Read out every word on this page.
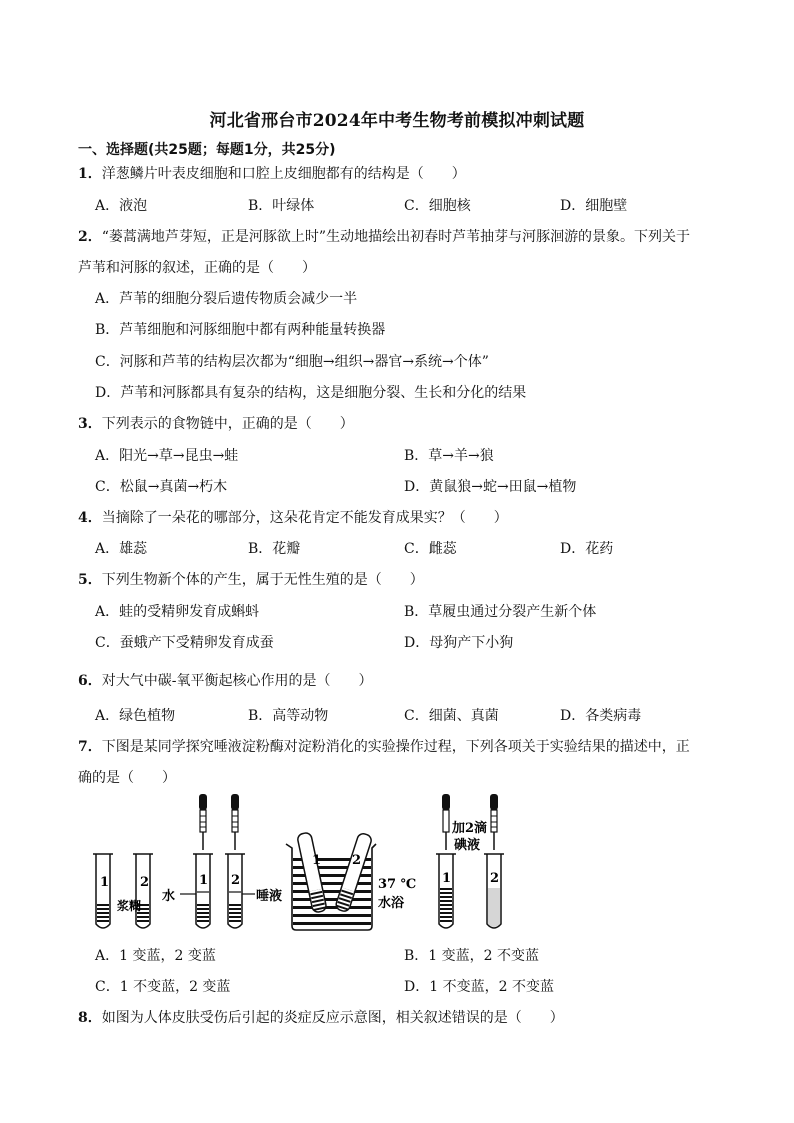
河北省邢台市2024年中考生物考前模拟冲刺试题
一、选择题(共25题；每题1分，共25分)
1．洋葱鳞片叶表皮细胞和口腔上皮细胞都有的结构是（　　）
A．液泡	B．叶绿体	C．细胞核	D．细胞壁
2．“蒌蒿满地芦芽短，正是河豚欲上时”生动地描绘出初春时芦苇抽芽与河豚洄游的景象。下列关于
芦苇和河豚的叙述，正确的是（　　）
A．芦苇的细胞分裂后遗传物质会减少一半
B．芦苇细胞和河豚细胞中都有两种能量转换器
C．河豚和芦苇的结构层次都为“细胞→组织→器官→系统→个体”
D．芦苇和河豚都具有复杂的结构，这是细胞分裂、生长和分化的结果
3．下列表示的食物链中，正确的是（　　）
A．阳光→草→昆虫→蛙	B．草→羊→狼
C．松鼠→真菌→朽木	D．黄鼠狼→蛇→田鼠→植物
4．当摘除了一朵花的哪部分，这朵花肯定不能发育成果实？（　　）
A．雄蕊	B．花瓣	C．雌蕊	D．花药
5．下列生物新个体的产生，属于无性生殖的是（　　）
A．蛙的受精卵发育成蝌蚪	B．草履虫通过分裂产生新个体
C．蚕蛾产下受精卵发育成蚕	D．母狗产下小狗
6．对大气中碳-氧平衡起核心作用的是（　　）
A．绿色植物	B．高等动物	C．细菌、真菌	D．各类病毒
7．下图是某同学探究唾液淀粉酶对淀粉消化的实验操作过程，下列各项关于实验结果的描述中，正
确的是（　　）
1 2
浆糊
1 2
水	唾液
1 2
37 ℃
水浴
加2滴
碘液
1	2
A．1 变蓝，2 变蓝	B．1 变蓝，2 不变蓝
C．1 不变蓝，2 变蓝	D．1 不变蓝，2 不变蓝
8．如图为人体皮肤受伤后引起的炎症反应示意图，相关叙述错误的是（　　）
